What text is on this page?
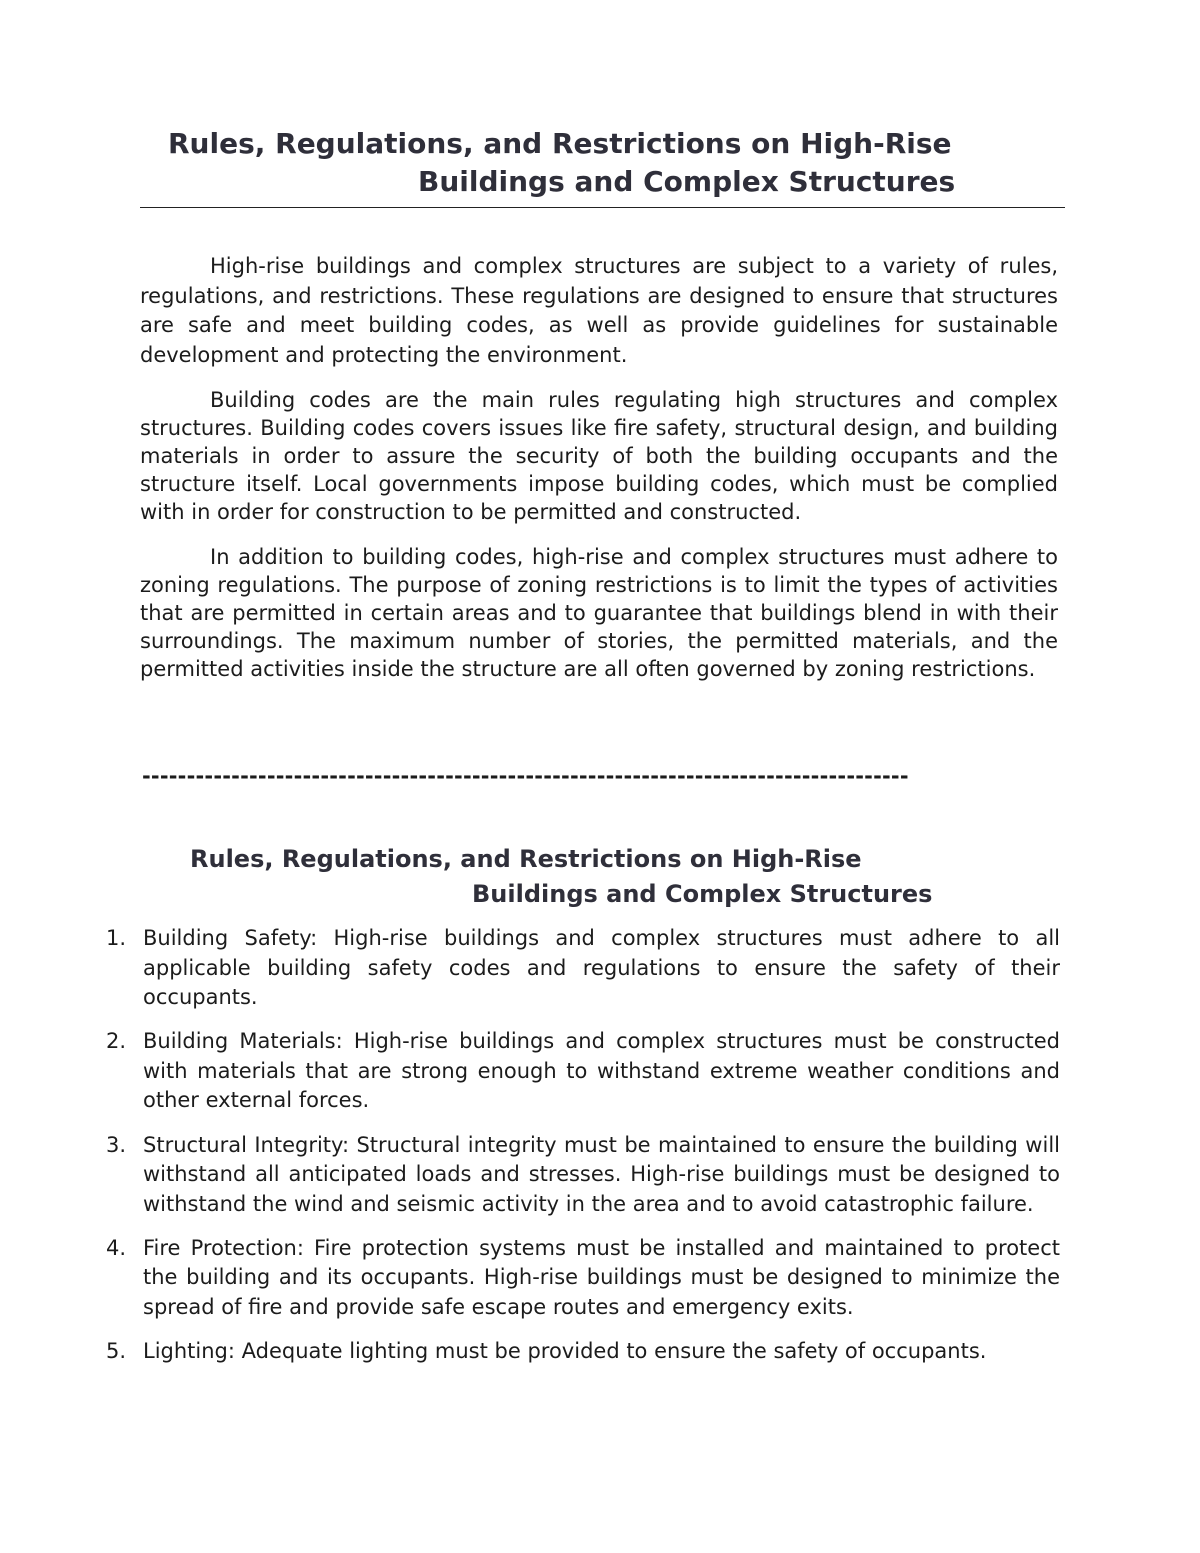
Rules, Regulations, and Restrictions on High-Rise
Buildings and Complex Structures

High-rise buildings and complex structures are subject to a variety of rules, regulations, and restrictions. These regulations are designed to ensure that structures are safe and meet building codes, as well as provide guidelines for sustainable development and protecting the environment.

Building codes are the main rules regulating high structures and complex structures. Building codes covers issues like fire safety, structural design, and building materials in order to assure the security of both the building occupants and the structure itself. Local governments impose building codes, which must be complied with in order for construction to be permitted and constructed.

In addition to building codes, high-rise and complex structures must adhere to zoning regulations. The purpose of zoning restrictions is to limit the types of activities that are permitted in certain areas and to guarantee that buildings blend in with their surroundings. The maximum number of stories, the permitted materials, and the permitted activities inside the structure are all often governed by zoning restrictions.

--------------------------------------------------------------------------------------
Rules, Regulations, and Restrictions on High-Rise
Buildings and Complex Structures
1. Building Safety: High-rise buildings and complex structures must adhere to all applicable building safety codes and regulations to ensure the safety of their occupants.
2. Building Materials: High-rise buildings and complex structures must be constructed with materials that are strong enough to withstand extreme weather conditions and other external forces.
3. Structural Integrity: Structural integrity must be maintained to ensure the building will withstand all anticipated loads and stresses. High-rise buildings must be designed to withstand the wind and seismic activity in the area and to avoid catastrophic failure.
4. Fire Protection: Fire protection systems must be installed and maintained to protect the building and its occupants. High-rise buildings must be designed to minimize the spread of fire and provide safe escape routes and emergency exits.
5. Lighting: Adequate lighting must be provided to ensure the safety of occupants.
